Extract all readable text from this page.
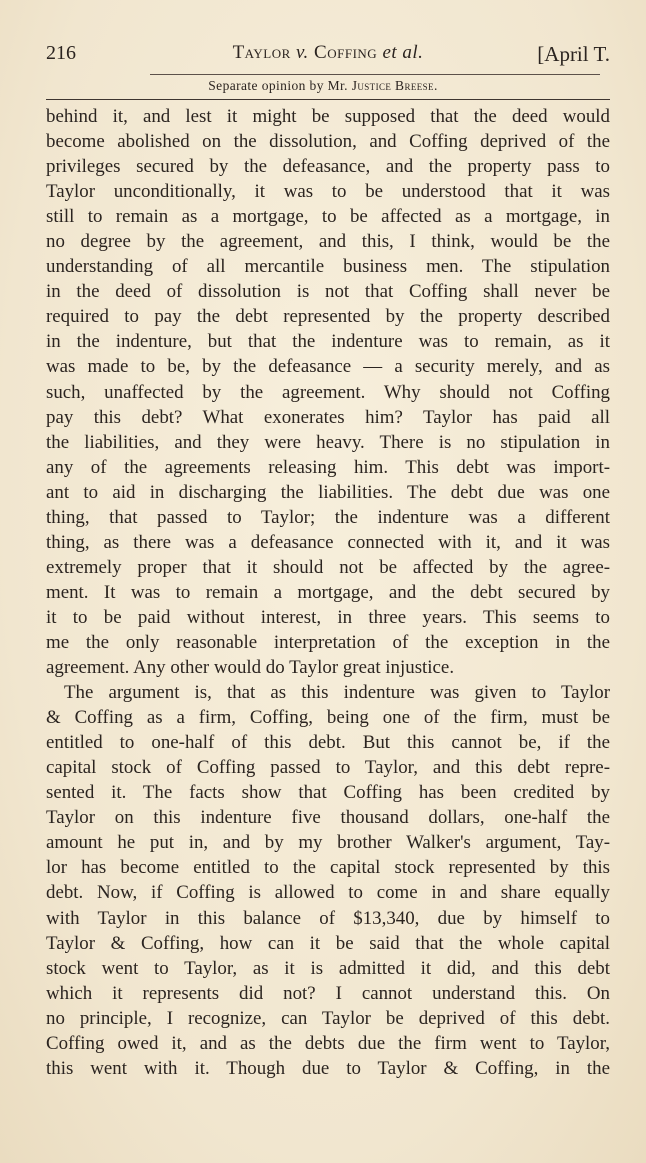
216	Taylor v. Coffing et al.	[April T.
Separate opinion by Mr. Justice Breese.
behind it, and lest it might be supposed that the deed would
become abolished on the dissolution, and Coffing deprived of the
privileges secured by the defeasance, and the property pass to
Taylor unconditionally, it was to be understood that it was
still to remain as a mortgage, to be affected as a mortgage, in
no degree by the agreement, and this, I think, would be the
understanding of all mercantile business men. The stipulation
in the deed of dissolution is not that Coffing shall never be
required to pay the debt represented by the property described
in the indenture, but that the indenture was to remain, as it
was made to be, by the defeasance — a security merely, and as
such, unaffected by the agreement. Why should not Coffing
pay this debt? What exonerates him? Taylor has paid all
the liabilities, and they were heavy. There is no stipulation in
any of the agreements releasing him. This debt was import-
ant to aid in discharging the liabilities. The debt due was one
thing, that passed to Taylor; the indenture was a different
thing, as there was a defeasance connected with it, and it was
extremely proper that it should not be affected by the agree-
ment. It was to remain a mortgage, and the debt secured by
it to be paid without interest, in three years. This seems to
me the only reasonable interpretation of the exception in the
agreement. Any other would do Taylor great injustice.
The argument is, that as this indenture was given to Taylor
& Coffing as a firm, Coffing, being one of the firm, must be
entitled to one-half of this debt. But this cannot be, if the
capital stock of Coffing passed to Taylor, and this debt repre-
sented it. The facts show that Coffing has been credited by
Taylor on this indenture five thousand dollars, one-half the
amount he put in, and by my brother Walker's argument, Tay-
lor has become entitled to the capital stock represented by this
debt. Now, if Coffing is allowed to come in and share equally
with Taylor in this balance of $13,340, due by himself to
Taylor & Coffing, how can it be said that the whole capital
stock went to Taylor, as it is admitted it did, and this debt
which it represents did not? I cannot understand this. On
no principle, I recognize, can Taylor be deprived of this debt.
Coffing owed it, and as the debts due the firm went to Taylor,
this went with it. Though due to Taylor & Coffing, in the
